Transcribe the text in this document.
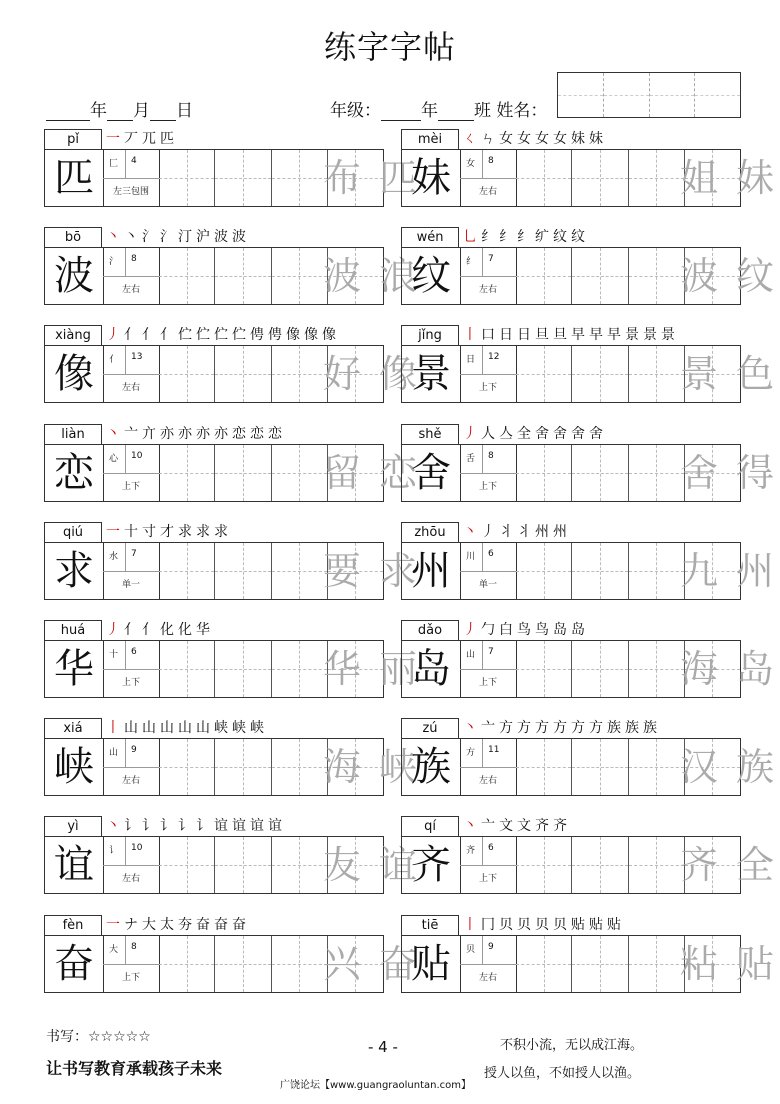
练字字帖
年 月 日	年级： 年 班 姓名：
pǐ	一 丆 兀 匹
匹	匚 4
左三包围	布 匹
mèi	ㄑ ㄣ 女 女 女 女 妹 妹
妹	女 8
左右	姐 妹
bō	丶 丶 氵 氵 汀 沪 波 波
波	氵 8
左右	波 浪
wén	乚 纟 纟 纟 纩 纹 纹
纹	纟 7
左右	波 纹
xiàng	丿 亻 亻 亻 伫 伫 伫 伫 俜 俜 像 像 像
像	亻 13
左右	好 像
jǐng	丨 口 日 日 旦 旦 早 早 早 景 景 景
景	日 12
上下	景 色
liàn	丶 亠 亣 亦 亦 亦 亦 恋 恋 恋
恋	心 10
上下	留 恋
shě	丿 人 亼 全 舍 舍 舍 舍
舍	舌 8
上下	舍 得
qiú	一 十 寸 才 求 求 求
求	水 7
单一	要 求
zhōu	丶 丿 丬 丬 州 州
州	川 6
单一	九 州
huá	丿 亻 亻 化 化 华
华	十 6
上下	华 丽
dǎo	丿 勹 白 鸟 鸟 岛 岛
岛	山 7
上下	海 岛
xiá	丨 山 山 山 山 山 峡 峡 峡
峡	山 9
左右	海 峡
zú	丶 亠 方 方 方 方 方 方 族 族 族
族	方 11
左右	汉 族
yì	丶 讠 讠 讠 讠 讠 谊 谊 谊 谊
谊	讠 10
左右	友 谊
qí	丶 亠 文 文 齐 齐
齐	齐 6
上下	齐 全
fèn	一 ナ 大 太 夯 奋 奋 奋
奋	大 8
上下	兴 奋
tiē	丨 冂 贝 贝 贝 贝 贴 贴 贴
贴	贝 9
左右	粘 贴
书写：☆☆☆☆☆
让书写教育承载孩子未来
- 4 -
广饶论坛【www.guangraoluntan.com】
不积小流，无以成江海。
授人以鱼，不如授人以渔。
